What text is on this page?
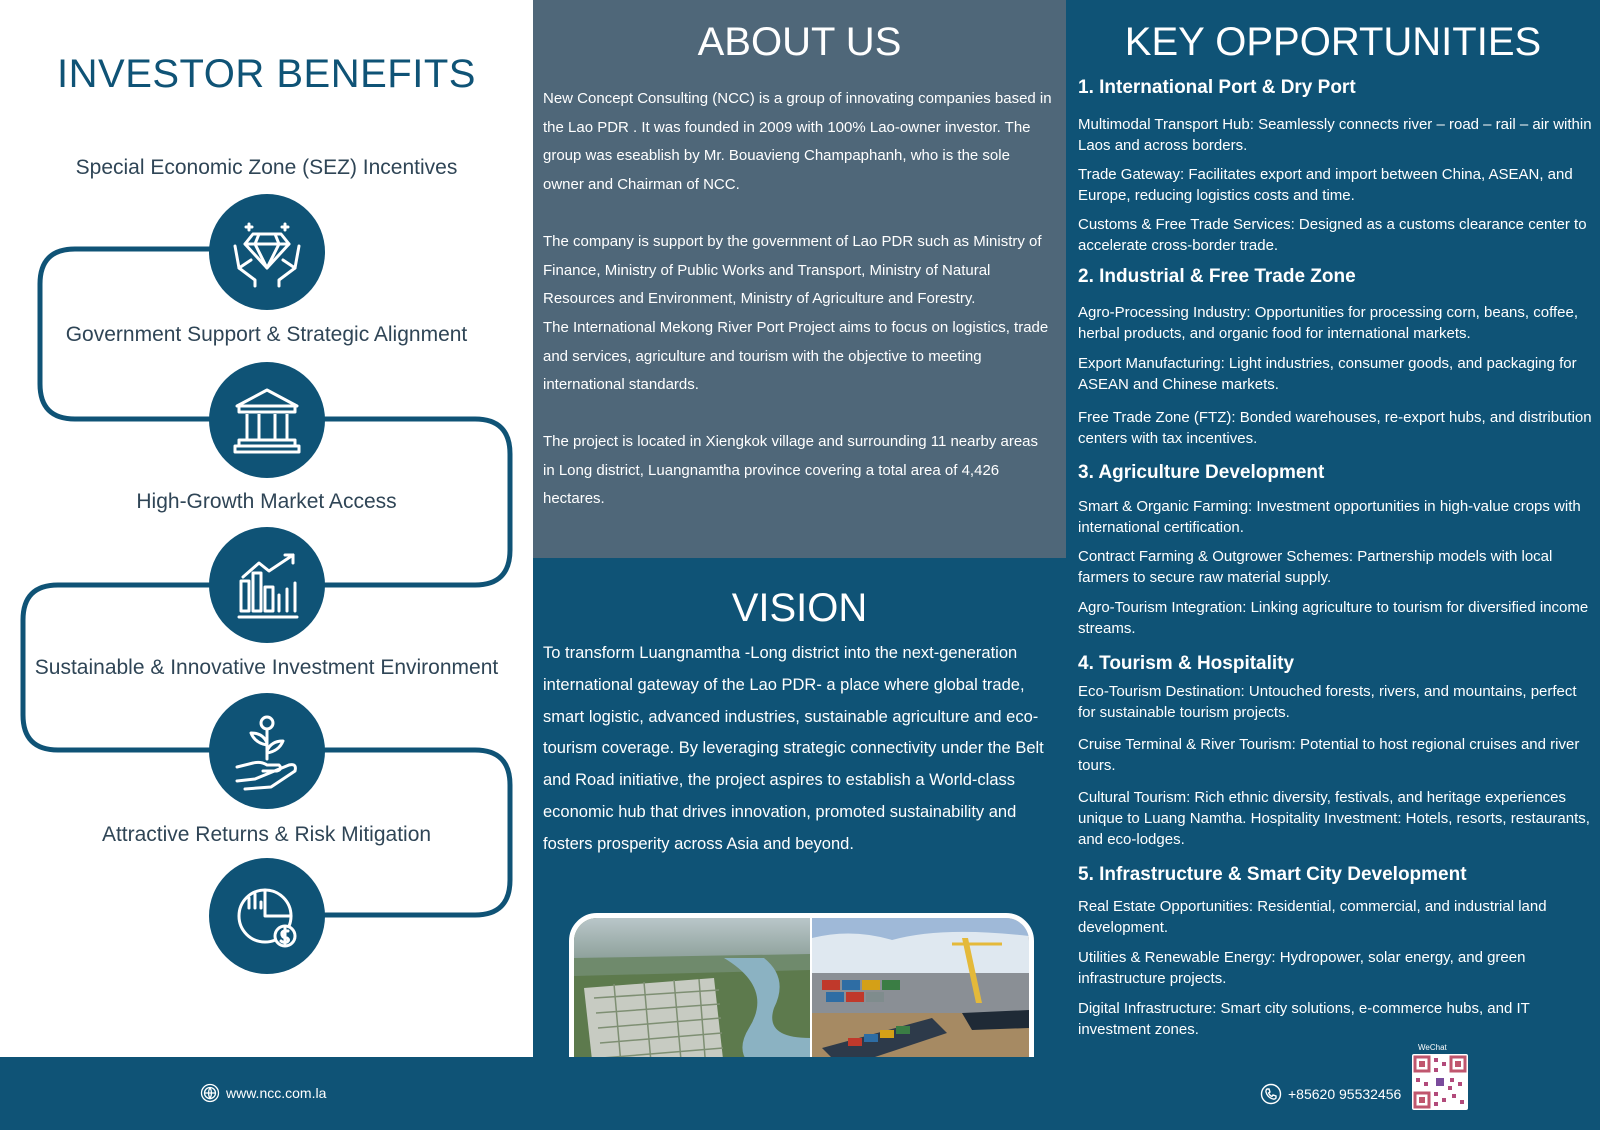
INVESTOR BENEFITS
Special Economic Zone (SEZ) Incentives
Government Support & Strategic Alignment
High-Growth Market Access
Sustainable & Innovative Investment Environment
Attractive Returns & Risk Mitigation
ABOUT US
New Concept Consulting (NCC) is a group of innovating companies based in the Lao PDR . It was founded in 2009 with 100% Lao-owner investor. The group was eseablish by Mr. Bouavieng Champaphanh, who is the sole owner and Chairman of NCC.
The company is support by the government of Lao PDR such as Ministry of Finance, Ministry of Public Works and Transport, Ministry of Natural Resources and Environment, Ministry of Agriculture and Forestry.
The International Mekong River Port Project aims to focus on logistics, trade and services, agriculture and tourism with the objective to meeting international standards.
The project is located in Xiengkok village and surrounding 11 nearby areas in Long district, Luangnamtha province covering a total area of 4,426 hectares.
VISION
To transform Luangnamtha -Long district into the next-generation international gateway of the Lao PDR- a place where global trade, smart logistic, advanced industries, sustainable agriculture and eco-tourism coverage. By leveraging strategic connectivity under the Belt and Road initiative, the project aspires to establish a World-class economic hub that drives innovation, promoted sustainability and fosters prosperity across Asia and beyond.
KEY OPPORTUNITIES
1. International Port & Dry Port
Multimodal Transport Hub: Seamlessly connects river – road – rail – air within Laos and across borders.
Trade Gateway: Facilitates export and import between China, ASEAN, and Europe, reducing logistics costs and time.
Customs & Free Trade Services: Designed as a customs clearance center to accelerate cross-border trade.
2. Industrial & Free Trade Zone
Agro-Processing Industry: Opportunities for processing corn, beans, coffee, herbal products, and organic food for international markets.
Export Manufacturing: Light industries, consumer goods, and packaging for ASEAN and Chinese markets.
Free Trade Zone (FTZ): Bonded warehouses, re-export hubs, and distribution centers with tax incentives.
3. Agriculture Development
Smart & Organic Farming: Investment opportunities in high-value crops with international certification.
Contract Farming & Outgrower Schemes: Partnership models with local farmers to secure raw material supply.
Agro-Tourism Integration: Linking agriculture to tourism for diversified income streams.
4. Tourism & Hospitality
Eco-Tourism Destination: Untouched forests, rivers, and mountains, perfect for sustainable tourism projects.
Cruise Terminal & River Tourism: Potential to host regional cruises and river tours.
Cultural Tourism: Rich ethnic diversity, festivals, and heritage experiences unique to Luang Namtha. Hospitality Investment: Hotels, resorts, restaurants, and eco-lodges.
5. Infrastructure & Smart City Development
Real Estate Opportunities: Residential, commercial, and industrial land development.
Utilities & Renewable Energy: Hydropower, solar energy, and green infrastructure projects.
Digital Infrastructure: Smart city solutions, e-commerce hubs, and IT investment zones.
www.ncc.com.la	+85620 95532456
WeChat
